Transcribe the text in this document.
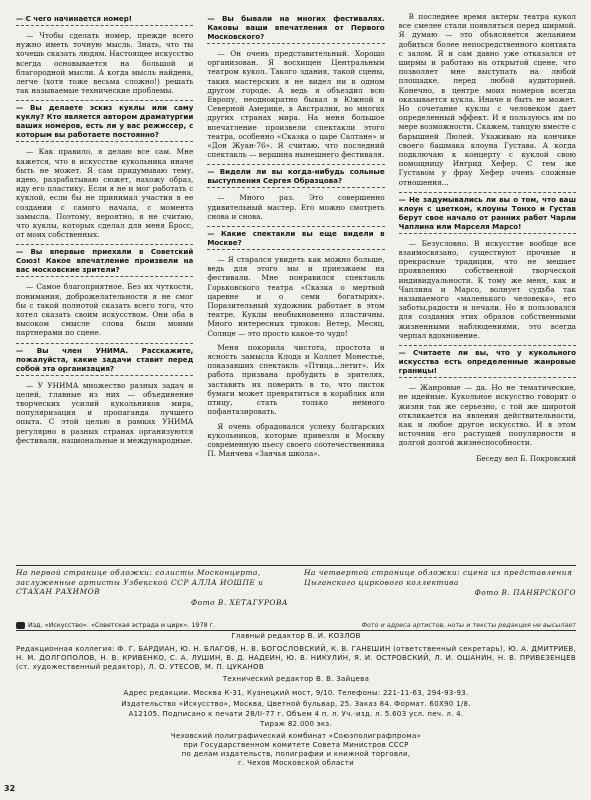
— С чего начинается номер!

— Чтобы сделать номер, прежде всего нужно иметь точную мысль. Знать, что ты хочешь сказать людям. Настоящее искусство всегда основывается на большой и благородной мысли. А когда мысль найдена, легче (хотя тоже весьма сложно!) решать так называемые технические проблемы.

— Вы делаете эскиз куклы или саму куклу? Кто является автором драматургии ваших номеров, есть ли у вас режиссер, с которым вы работаете постоянно?

— Как правило, я делаю все сам. Мне кажется, что в искусстве кукольника иначе быть не может. Я сам придумываю тему, идею, разрабатываю сюжет, нахожу образ, иду его пластику. Если я не и мог работать с куклой, если бы не принимал участия в ее создании с самого начала, с момента замысла. Поэтому, вероятно, я не считаю, что куклы, которых сделал для меня Бросс, от моих собственных.

— Вы впервые приехали в Советский Союз! Какое впечатление произвели на вас московские зрители?

— Самое благоприятное. Без их чуткости, понимания, доброжелательности я не смог бы с такой полнотой сказать всего того, что хотел сказать своим искусством. Они оба в высоком смысле слова были моими партнерами по сцене.

— Вы член УНИМА. Расскажите, пожалуйста, какие задачи ставит перед собой эта организация?

— У УНИМА множество разных задач и целей, главные из них — объединение творческих усилий кукольников мира, популяризация и пропаганда лучшего опыта. С этой целью в рамках УНИМА регулярно в разных странах организуются фестивали, национальные и международные.

— Вы бывали на многих фестивалях. Каковы ваши впечатления от Первого Московского?

— Он очень представительный. Хорошо организован. Я восхищен Центральным театром кукол. Такого здания, такой сцены, таких мастерских я не видел ни в одном другом городе. А ведь я объездил всю Европу, неоднократно бывал в Южной и Северной Америке, в Австралии, во многих других странах мира. На меня большое впечатление произвели спектакли этого театра, особенно «Сказка о царе Салтане» и «Дон Жуан-76». Я считаю, что последний спектакль — вершина нынешнего фестиваля.

— Видели ли вы когда-нибудь сольные выступления Сергея Образцова?

— Много раз. Это совершенно удивительный мастер. Его можно смотреть снова и снова.

— Какие спектакли вы еще видели в Москве?

— Я старался увидеть как можно больше, ведь для этого мы и приезжаем на фестивали. Мне понравился спектакль Горьковского театра «Сказка о мертвой царевне и о семи богатырях». Поразительный художник работает в этом театре. Куклы необыкновенно пластичны. Много интересных трюков: Ветер, Месяц, Солнце — это просто какое-то чудо!

Меня покорила чистота, простота и ясность замысла Клода и Коллет Монестье, показавших спектакль «Птица...летит». Их работа призвана пробудить в зрителях, заставить их поверить в то, что листок бумаги может превратиться в кораблик или птицу, стать только немного пофантазировать.

Я очень обрадовался успеху болгарских кукольников, которые привезли в Москву современную пьесу своего соотечественника П. Манчева «Заячья школа».

В последнее время актеры театра кукол все смелее стали появляться перед ширмой. Я думаю — это объясняется желанием добиться более непосредственного контакта с залом. Я и сам давно уже отказался от ширмы и работаю на открытой сцене, что позволяет мне выступать на любой площадке, перед любой аудиторией. Конечно, в центре моих номеров всегда оказывается кукла. Иначе и быть не может. Но сочетание куклы с человеком дает определенный эффект. И я пользуюсь им по мере возможности. Скажем, танцую вместе с барышней Люлей. Ухаживаю на кончике своего башмака клоуна Густава. А когда подключаю к концерту с куклой свою помощницу Ингрид Хефер. С тем же Густавом у фрау Хефер очень сложные отношения...

— Не задумывались ли вы о том, что ваш клоун с цветком, клоуны Тонхо и Густав берут свое начало от ранних работ Чарли Чаплина или Марселя Марсо!

— Безусловно. В искусстве вообще все взаимосвязано, существуют прочные и прекрасные традиции, что не мешает проявлению собственной творческой индивидуальности. К тому же меня, как и Чаплина и Марсо, волнует судьба так называемого «маленького человека», его заботы,радости и печали. Но я пользовался для создания этих образов собственными жизненными наблюдениями, это всегда черпал вдохновение.

— Считаете ли вы, что у кукольного искусства есть определенные жанровые границы!

— Жанровые — да. Но не тематические, не идейные. Кукольное искусство говорит о жизни так же серьезно, с той же широтой откликается на явления действительности, как и любое другое искусство. И в этом источник его растущей популярности и долгой долгой жизнеспособности.

Беседу вел Б. Покровский
На первой странице обложки: солисты Москонцерта, заслуженные артисты Узбекской ССР АЛЛА ИОШПЕ и СТАХАН РАХИМОВ
Фото В. ХЕТАГУРОВА
На четвертой странице обложки: сцена из представления Цыганского циркового коллектива
Фото В. ПАНЯРСКОГО
Изд. «Искусство». «Советская эстрада и цирк». 1978 г.	Фото и адреса артистов, ноты и тексты редакция не высылает
Главный редактор В. И. КОЗЛОВ
Редакционная коллегия: Ф. Г. БАРДИАН, Ю. Н. БЛАГОВ, Н. В. БОГОСЛОВСКИЙ, К. В. ГАНЕШИН (ответственный секретарь), Ю. А. ДМИТРИЕВ, Н. М. ДОЛГОПОЛОВ, Н. В. КРИВЕНКО, С. А. ЛУШИН, В. Д. НАДЕИН, Ю. В. НИКУЛИН, Я. И. ОСТРОВСКИЙ, Л. И. ОШАНИН, Н. В. ПРИВЕЗЕНЦЕВ (ст. художественный редактор), Л. О. УТЕСОВ, М. П. ЦУКАНОВ
Технический редактор В. В. Зайцева
Адрес редакции. Москва К-31, Кузнецкий мост, 9/10. Телефоны: 221-11-63, 294-93-93.
Издательство «Искусство», Москва, Цветной бульвар, 25. Заказ 84. Формат. 60Х90 1/8.
А12105. Подписано к печати 28/II-77 г. Объем 4 п. л. Уч.-изд. л. 5.603 усл. печ. л. 4.
Тираж 82.000 экз.
Чеховский полиграфический комбинат «Союзполиграфпрома»
при Государственном комитете Совета Министров СССР
по делам издательств, полиграфии и книжной торговли,
г. Чехов Московской области
32
